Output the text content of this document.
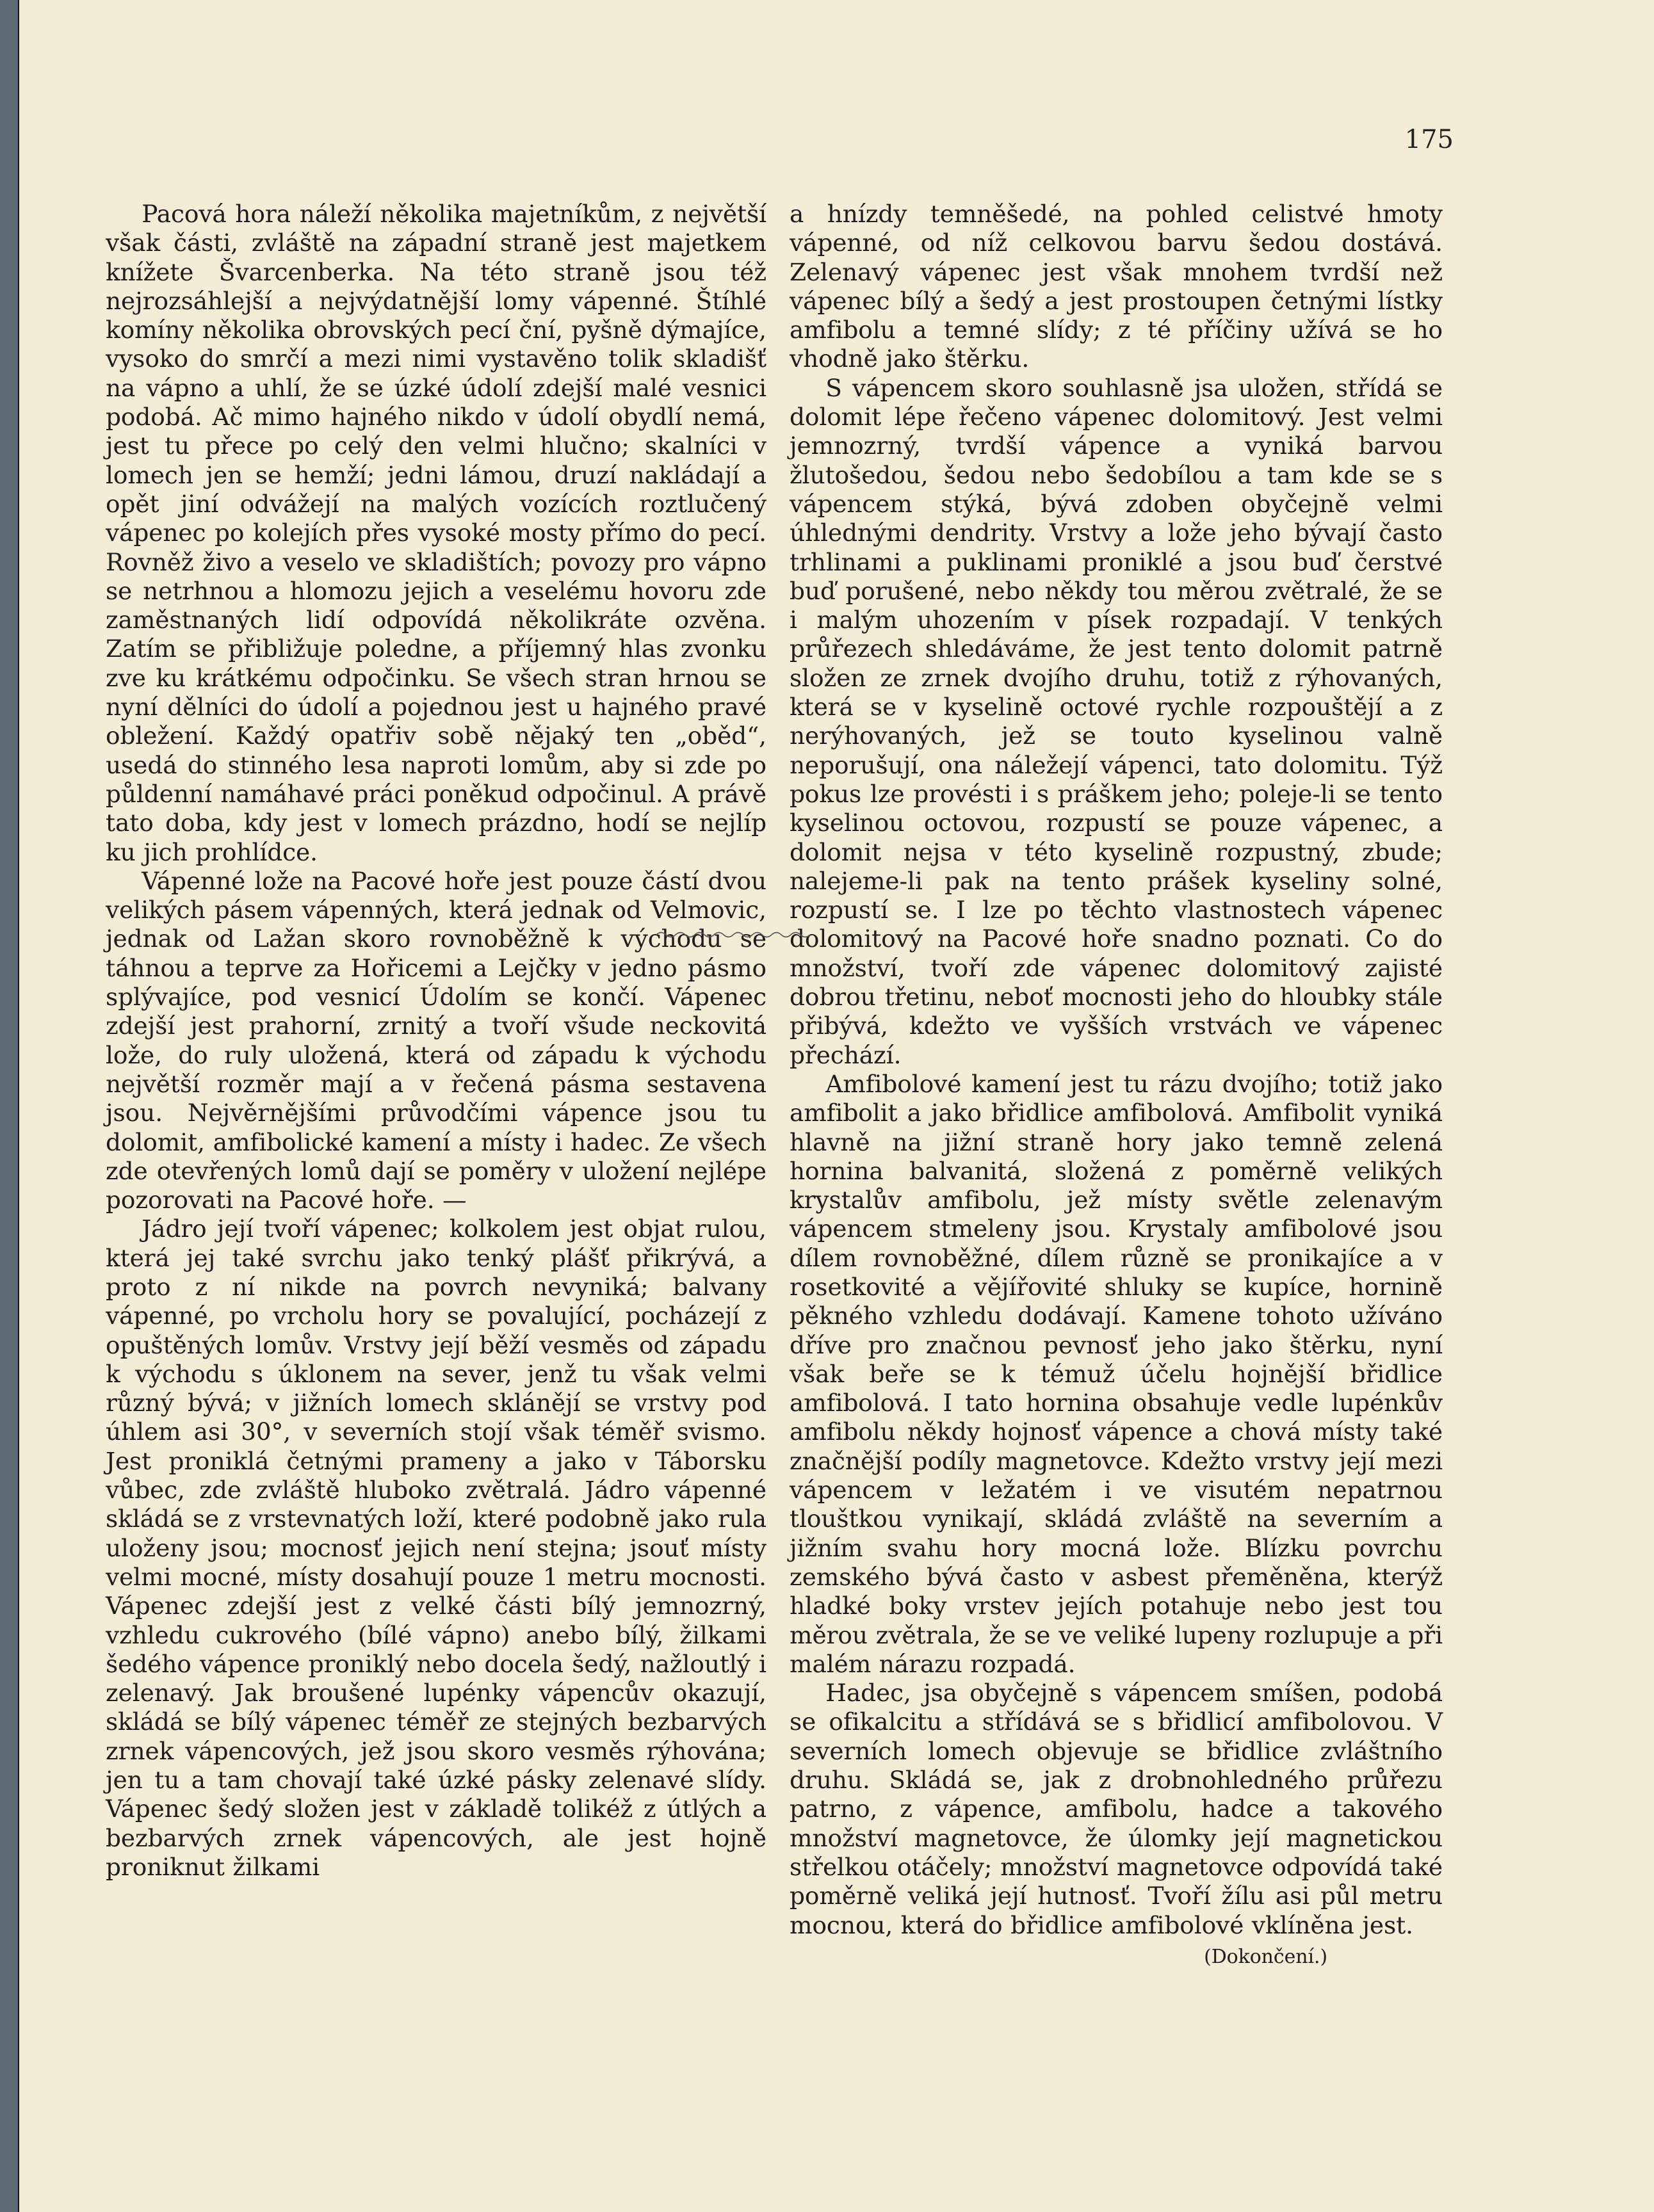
175

Pacová hora náleží několika majetníkům, z největší však části, zvláště na západní straně jest majetkem knížete Švarcenberka. Na této straně jsou též nejrozsáhlejší a nejvýdatnější lomy vápenné. Štíhlé komíny několika obrovských pecí ční, pyšně dýmajíce, vysoko do smrčí a mezi nimi vystavěno tolik skladišť na vápno a uhlí, že se úzké údolí zdejší malé vesnici podobá. Ač mimo hajného nikdo v údolí obydlí nemá, jest tu přece po celý den velmi hlučno; skalníci v lomech jen se hemží; jedni lámou, druzí nakládají a opět jiní odvážejí na malých vozících roztlučený vápenec po kolejích přes vysoké mosty přímo do pecí. Rovněž živo a veselo ve skladištích; povozy pro vápno se netrhnou a hlomozu jejich a veselému hovoru zde zaměstnaných lidí odpovídá několikráte ozvěna. Zatím se přibližuje poledne, a příjemný hlas zvonku zve ku krátkému odpočinku. Se všech stran hrnou se nyní dělníci do údolí a pojednou jest u hajného pravé obležení. Každý opatřiv sobě nějaký ten „oběd“, usedá do stinného lesa naproti lomům, aby si zde po půldenní namáhavé práci poněkud odpočinul. A právě tato doba, kdy jest v lomech prázdno, hodí se nejlíp ku jich prohlídce.

Vápenné lože na Pacové hoře jest pouze částí dvou velikých pásem vápenných, která jednak od Velmovic, jednak od Lažan skoro rovnoběžně k východu se táhnou a teprve za Hořicemi a Lejčky v jedno pásmo splývajíce, pod vesnicí Údolím se končí. Vápenec zdejší jest prahorní, zrnitý a tvoří všude neckovitá lože, do ruly uložená, která od západu k východu největší rozměr mají a v řečená pásma sestavena jsou. Nejvěrnějšími průvodčími vápence jsou tu dolomit, amfibolické kamení a místy i hadec. Ze všech zde otevřených lomů dají se poměry v uložení nejlépe pozorovati na Pacové hoře. —

Jádro její tvoří vápenec; kolkolem jest objat rulou, která jej také svrchu jako tenký plášť přikrývá, a proto z ní nikde na povrch nevyniká; balvany vápenné, po vrcholu hory se povalující, pocházejí z opuštěných lomův. Vrstvy její běží vesměs od západu k východu s úklonem na sever, jenž tu však velmi různý bývá; v jižních lomech sklánějí se vrstvy pod úhlem asi 30°, v severních stojí však téměř svismo. Jest proniklá četnými prameny a jako v Táborsku vůbec, zde zvláště hluboko zvětralá. Jádro vápenné skládá se z vrstevnatých loží, které podobně jako rula uloženy jsou; mocnosť jejich není stejna; jsouť místy velmi mocné, místy dosahují pouze 1 metru mocnosti. Vápenec zdejší jest z velké části bílý jemnozrný, vzhledu cukrového (bílé vápno) anebo bílý, žilkami šedého vápence proniklý nebo docela šedý, nažloutlý i zelenavý. Jak broušené lupénky vápencův okazují, skládá se bílý vápenec téměř ze stejných bezbarvých zrnek vápencových, jež jsou skoro vesměs rýhována; jen tu a tam chovají také úzké pásky zelenavé slídy. Vápenec šedý složen jest v základě tolikéž z útlých a bezbarvých zrnek vápencových, ale jest hojně proniknut žilkami

a hnízdy temněšedé, na pohled celistvé hmoty vápenné, od níž celkovou barvu šedou dostává. Zelenavý vápenec jest však mnohem tvrdší než vápenec bílý a šedý a jest prostoupen četnými lístky amfibolu a temné slídy; z té příčiny užívá se ho vhodně jako štěrku.

S vápencem skoro souhlasně jsa uložen, střídá se dolomit lépe řečeno vápenec dolomitový. Jest velmi jemnozrný, tvrdší vápence a vyniká barvou žlutošedou, šedou nebo šedobílou a tam kde se s vápencem stýká, bývá zdoben obyčejně velmi úhlednými dendrity. Vrstvy a lože jeho bývají často trhlinami a puklinami proniklé a jsou buď čerstvé buď porušené, nebo někdy tou měrou zvětralé, že se i malým uhozením v písek rozpadají. V tenkých průřezech shledáváme, že jest tento dolomit patrně složen ze zrnek dvojího druhu, totiž z rýhovaných, která se v kyselině octové rychle rozpouštějí a z nerýhovaných, jež se touto kyselinou valně neporušují, ona náležejí vápenci, tato dolomitu. Týž pokus lze provésti i s práškem jeho; poleje-li se tento kyselinou octovou, rozpustí se pouze vápenec, a dolomit nejsa v této kyselině rozpustný, zbude; nalejeme-li pak na tento prášek kyseliny solné, rozpustí se. I lze po těchto vlastnostech vápenec dolomitový na Pacové hoře snadno poznati. Co do množství, tvoří zde vápenec dolomitový zajisté dobrou třetinu, neboť mocnosti jeho do hloubky stále přibývá, kdežto ve vyšších vrstvách ve vápenec přechází.

Amfibolové kamení jest tu rázu dvojího; totiž jako amfibolit a jako břidlice amfibolová. Amfibolit vyniká hlavně na jižní straně hory jako temně zelená hornina balvanitá, složená z poměrně velikých krystalův amfibolu, jež místy světle zelenavým vápencem stmeleny jsou. Krystaly amfibolové jsou dílem rovnoběžné, dílem různě se pronikajíce a v rosetkovité a vějířovité shluky se kupíce, hornině pěkného vzhledu dodávají. Kamene tohoto užíváno dříve pro značnou pevnosť jeho jako štěrku, nyní však beře se k témuž účelu hojnější břidlice amfibolová. I tato hornina obsahuje vedle lupénkův amfibolu někdy hojnosť vápence a chová místy také značnější podíly magnetovce. Kdežto vrstvy její mezi vápencem v ležatém i ve visutém nepatrnou tlouštkou vynikají, skládá zvláště na severním a jižním svahu hory mocná lože. Blízku povrchu zemského bývá často v asbest přeměněna, kterýž hladké boky vrstev jejích potahuje nebo jest tou měrou zvětrala, že se ve veliké lupeny rozlupuje a při malém nárazu rozpadá.

Hadec, jsa obyčejně s vápencem smíšen, podobá se ofikalcitu a střídává se s břidlicí amfibolovou. V severních lomech objevuje se břidlice zvláštního druhu. Skládá se, jak z drobnohledného průřezu patrno, z vápence, amfibolu, hadce a takového množství magnetovce, že úlomky její magnetickou střelkou otáčely; množství magnetovce odpovídá také poměrně veliká její hutnosť. Tvoří žílu asi půl metru mocnou, která do břidlice amfibolové vklíněna jest.

(Dokončení.)
